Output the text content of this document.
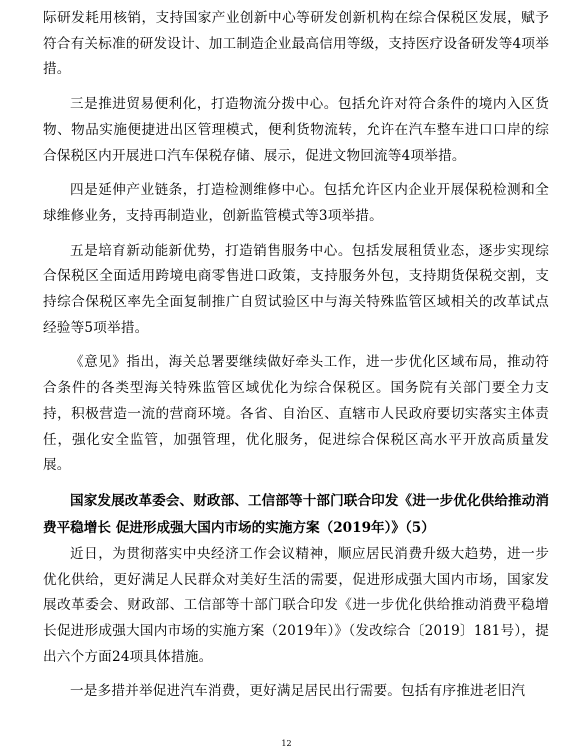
际研发耗用核销，支持国家产业创新中心等研发创新机构在综合保税区发展，赋予符合有关标准的研发设计、加工制造企业最高信用等级，支持医疗设备研发等4项举措。

三是推进贸易便利化，打造物流分拨中心。包括允许对符合条件的境内入区货物、物品实施便捷进出区管理模式，便利货物流转，允许在汽车整车进口口岸的综合保税区内开展进口汽车保税存储、展示，促进文物回流等4项举措。

四是延伸产业链条，打造检测维修中心。包括允许区内企业开展保税检测和全球维修业务，支持再制造业，创新监管模式等3项举措。

五是培育新动能新优势，打造销售服务中心。包括发展租赁业态，逐步实现综合保税区全面适用跨境电商零售进口政策，支持服务外包，支持期货保税交割，支持综合保税区率先全面复制推广自贸试验区中与海关特殊监管区域相关的改革试点经验等5项举措。

《意见》指出，海关总署要继续做好牵头工作，进一步优化区域布局，推动符合条件的各类型海关特殊监管区域优化为综合保税区。国务院有关部门要全力支持，积极营造一流的营商环境。各省、自治区、直辖市人民政府要切实落实主体责任，强化安全监管，加强管理，优化服务，促进综合保税区高水平开放高质量发展。

国家发展改革委会、财政部、工信部等十部门联合印发《进一步优化供给推动消费平稳增长 促进形成强大国内市场的实施方案（2019年）》（5）

近日，为贯彻落实中央经济工作会议精神，顺应居民消费升级大趋势，进一步优化供给，更好满足人民群众对美好生活的需要，促进形成强大国内市场，国家发展改革委会、财政部、工信部等十部门联合印发《进一步优化供给推动消费平稳增长促进形成强大国内市场的实施方案（2019年）》（发改综合〔2019〕181号），提出六个方面24项具体措施。

一是多措并举促进汽车消费，更好满足居民出行需要。包括有序推进老旧汽

12
